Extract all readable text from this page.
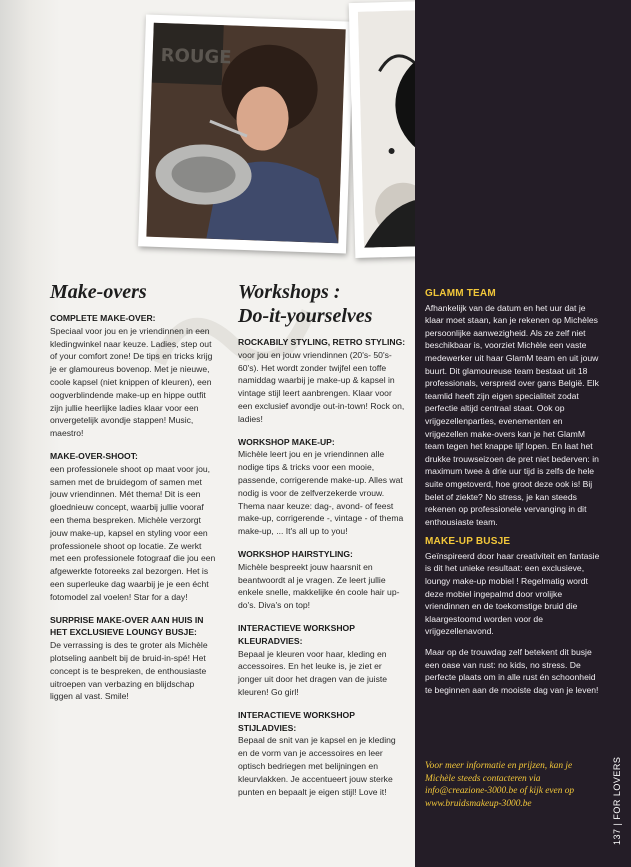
ROUGE
Make-overs

COMPLETE MAKE-OVER:

Speciaal voor jou en je vriendinnen in een kledingwinkel naar keuze. Ladies, step out of your comfort zone! De tips en tricks krijg je er glamoureus bovenop. Met je nieuwe, coole kapsel (niet knippen of kleuren), een oogverblindende make-up en hippe outfit zijn jullie heerlijke ladies klaar voor een onvergetelijk avondje stappen! Music, maestro!

MAKE-OVER-SHOOT:

een professionele shoot op maat voor jou, samen met de bruidegom of samen met jouw vriendinnen. Mét thema! Dit is een gloednieuw concept, waarbij jullie vooraf een thema bespreken. Michèle verzorgt jouw make-up, kapsel en styling voor een professionele shoot op locatie. Ze werkt met een professionele fotograaf die jou een afgewerkte fotoreeks zal bezorgen. Het is een superleuke dag waarbij je je een écht fotomodel zal voelen! Star for a day!

SURPRISE MAKE-OVER AAN HUIS IN HET EXCLUSIEVE LOUNGY BUSJE:

De verrassing is des te groter als Michèle plotseling aanbelt bij de bruid-in-spé! Het concept is te bespreken, de enthousiaste uitroepen van verbazing en blijdschap liggen al vast. Smile!
Workshops :
Do-it-yourselves

ROCKABILY STYLING, RETRO STYLING:

voor jou en jouw vriendinnen (20's- 50's-60's). Het wordt zonder twijfel een toffe namiddag waarbij je make-up & kapsel in vintage stijl leert aanbrengen. Klaar voor een exclusief avondje out-in-town! Rock on, ladies!

WORKSHOP MAKE-UP:

Michèle leert jou en je vriendinnen alle nodige tips & tricks voor een mooie, passende, corrigerende make-up. Alles wat nodig is voor de zelfverzekerde vrouw. Thema naar keuze: dag-, avond- of feest make-up, corrigerende -, vintage - of thema make-up, ... It's all up to you!

WORKSHOP HAIRSTYLING:

Michèle bespreekt jouw haarsnit en beantwoordt al je vragen. Ze leert jullie enkele snelle, makkelijke én coole hair up-do's. Diva's on top!

INTERACTIEVE WORKSHOP KLEURADVIES:

Bepaal je kleuren voor haar, kleding en accessoires. En het leuke is, je ziet er jonger uit door het dragen van de juiste kleuren! Go girl!

INTERACTIEVE WORKSHOP STIJLADVIES:

Bepaal de snit van je kapsel en je kleding en de vorm van je accessoires en leer optisch bedriegen met belijningen en kleurvlakken. Je accentueert jouw sterke punten en bepaalt je eigen stijl! Love it!
GLAMM TEAM

Afhankelijk van de datum en het uur dat je klaar moet staan, kan je rekenen op Michèles persoonlijke aanwezigheid. Als ze zelf niet beschikbaar is, voorziet Michèle een vaste medewerker uit haar GlamM team en uit jouw buurt. Dit glamoureuse team bestaat uit 18 professionals, verspreid over gans België. Elk teamlid heeft zijn eigen specialiteit zodat perfectie altijd centraal staat. Ook op vrijgezellenparties, evenementen en vrijgezellen make-overs kan je het GlamM team tegen het knappe lijf lopen. En laat het drukke trouwseizoen de pret niet bederven: in maximum twee à drie uur tijd is zelfs de hele suite omgetoverd, hoe groot deze ook is! Bij belet of ziekte? No stress, je kan steeds rekenen op professionele vervanging in dit enthousiaste team.

MAKE-UP BUSJE

Geïnspireerd door haar creativiteit en fantasie is dit het unieke resultaat: een exclusieve, loungy make-up mobiel ! Regelmatig wordt deze mobiel ingepalmd door vrolijke vriendinnen en de toekomstige bruid die klaargestoomd worden voor de vrijgezellenavond.

Maar op de trouwdag zelf betekent dit busje een oase van rust: no kids, no stress. De perfecte plaats om in alle rust én schoonheid te beginnen aan de mooiste dag van je leven!

Voor meer informatie en prijzen, kan je Michèle steeds contacteren via info@creazione-3000.be of kijk even op www.bruidsmakeup-3000.be	137 | FOR LOVERS
